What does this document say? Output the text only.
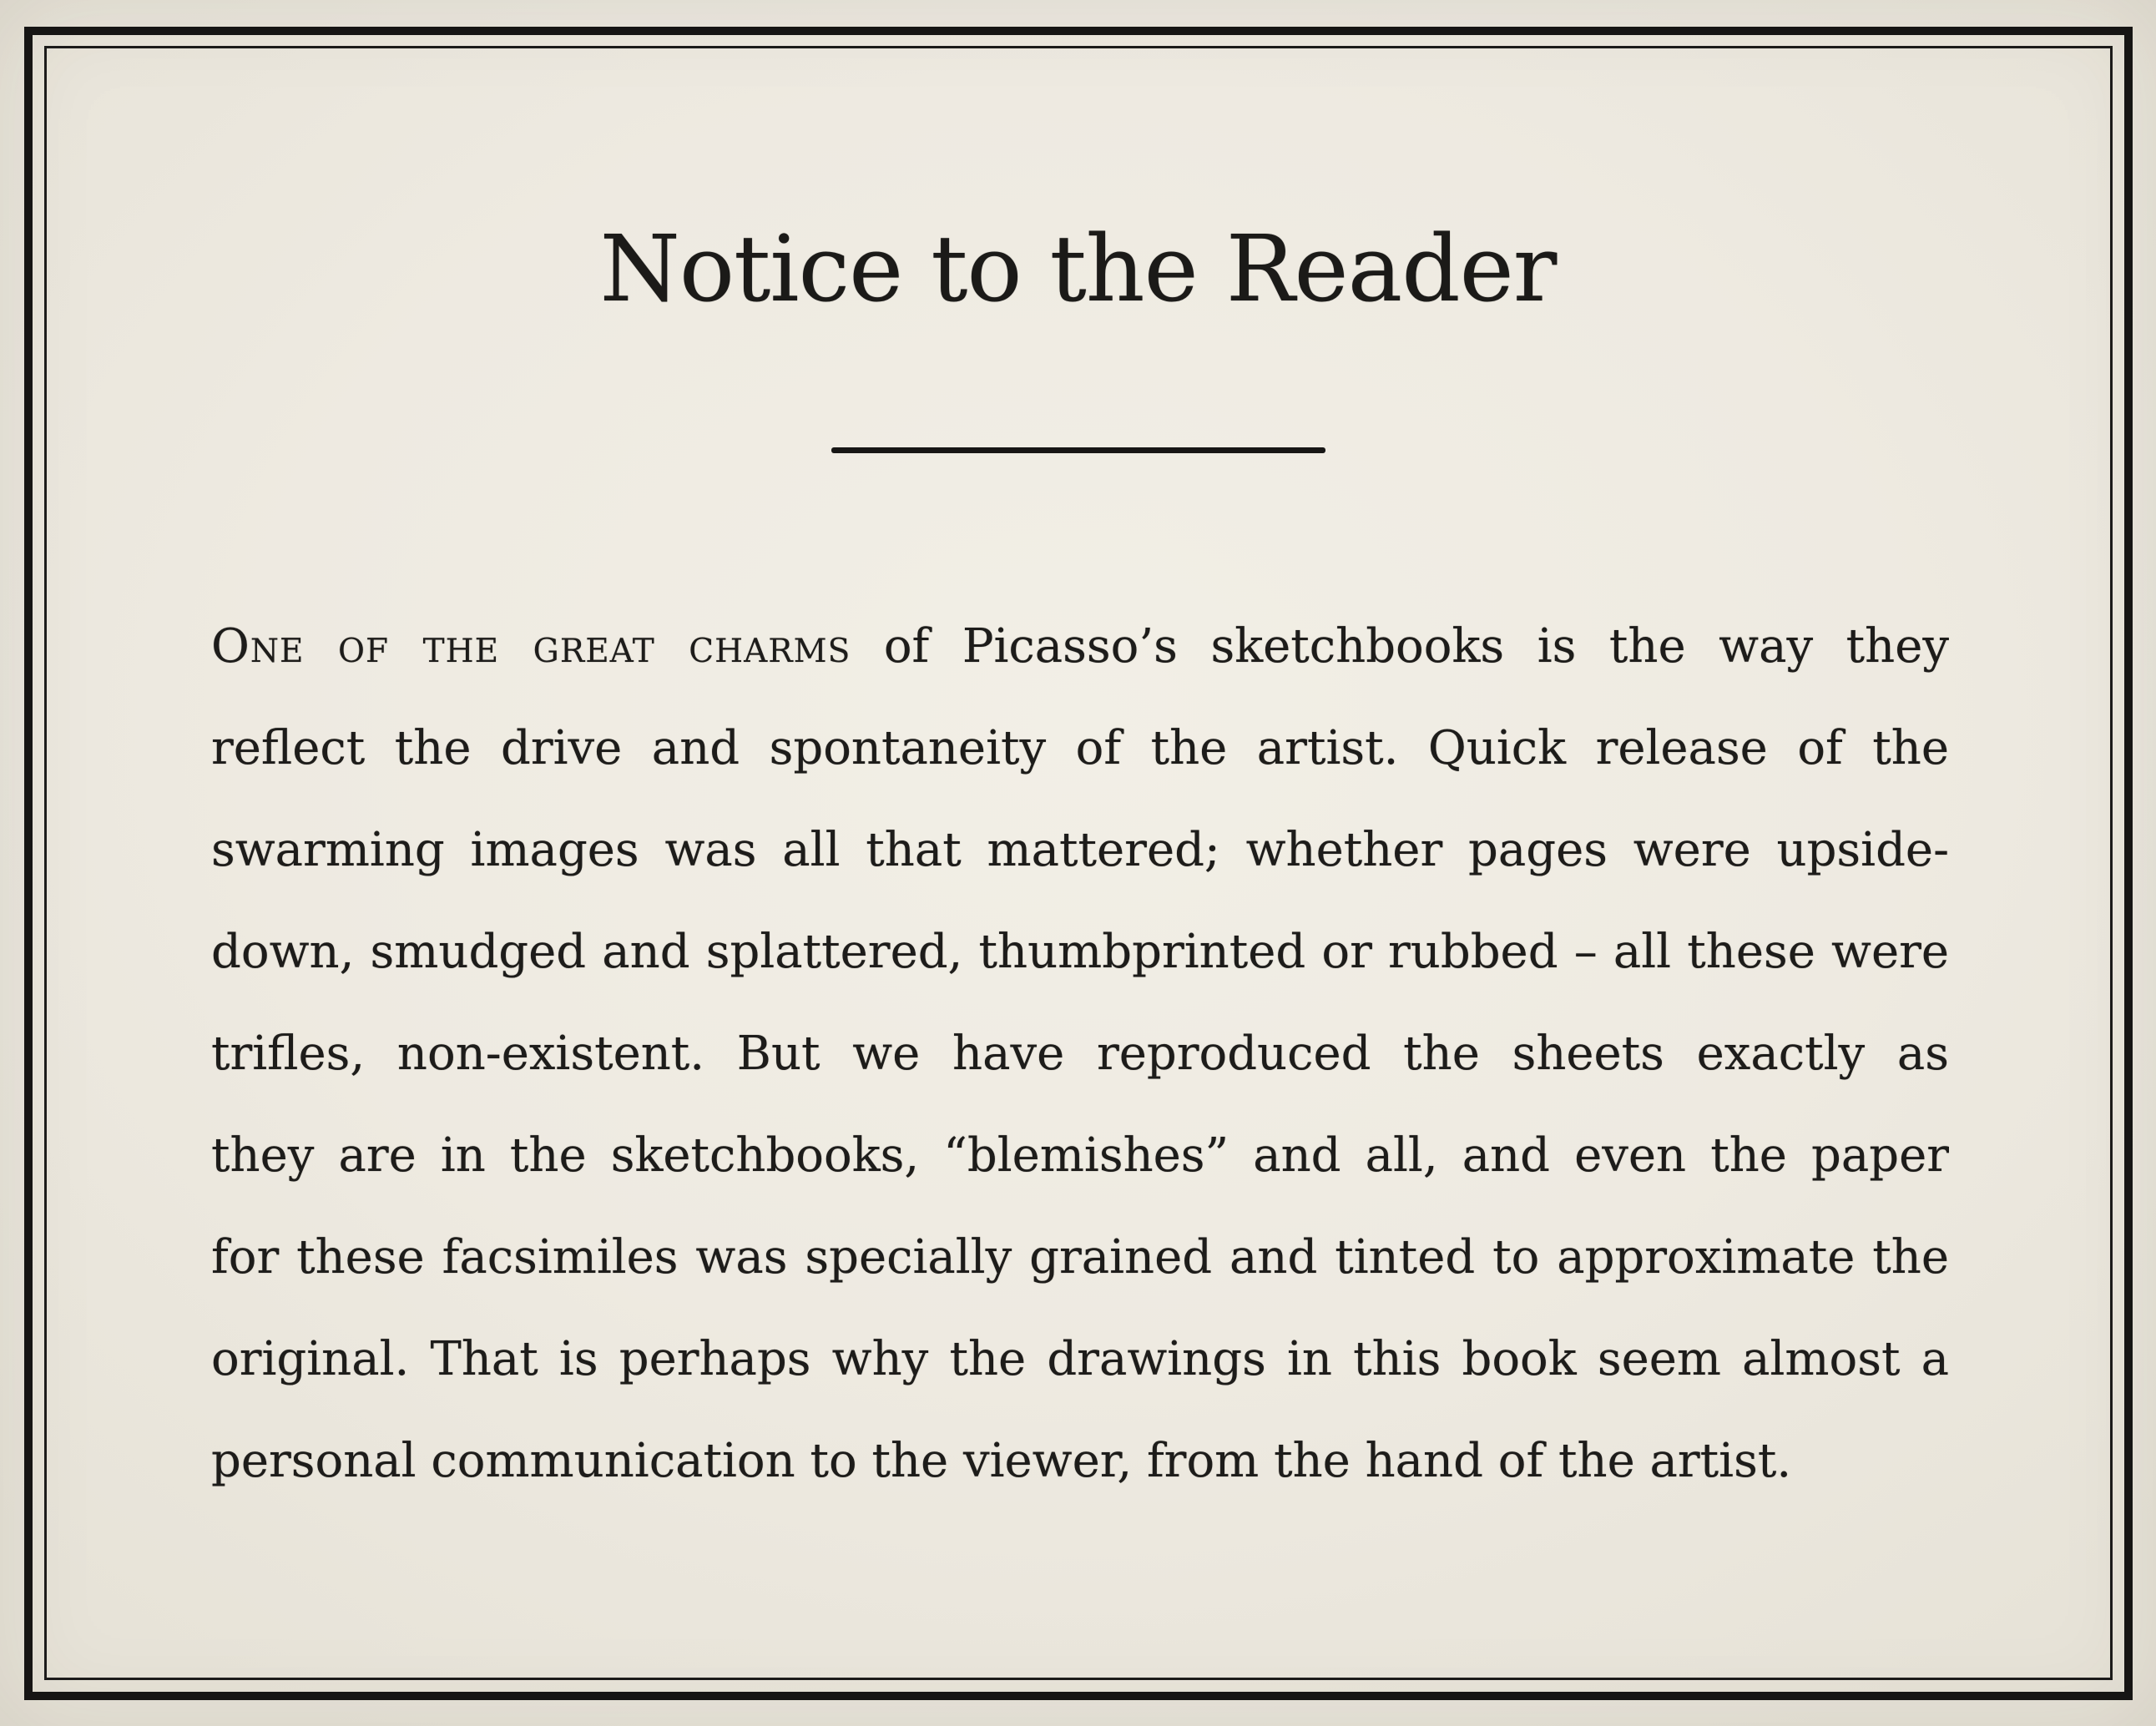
Notice to the Reader
One of the great charms of Picasso’s sketchbooks is the way they
reflect the drive and spontaneity of the artist. Quick release of the
swarming images was all that mattered; whether pages were upside-
down, smudged and splattered, thumbprinted or rubbed – all these were
trifles, non-existent. But we have reproduced the sheets exactly as
they are in the sketchbooks, “blemishes” and all, and even the paper
for these facsimiles was specially grained and tinted to approximate the
original. That is perhaps why the drawings in this book seem almost a
personal communication to the viewer, from the hand of the artist.
